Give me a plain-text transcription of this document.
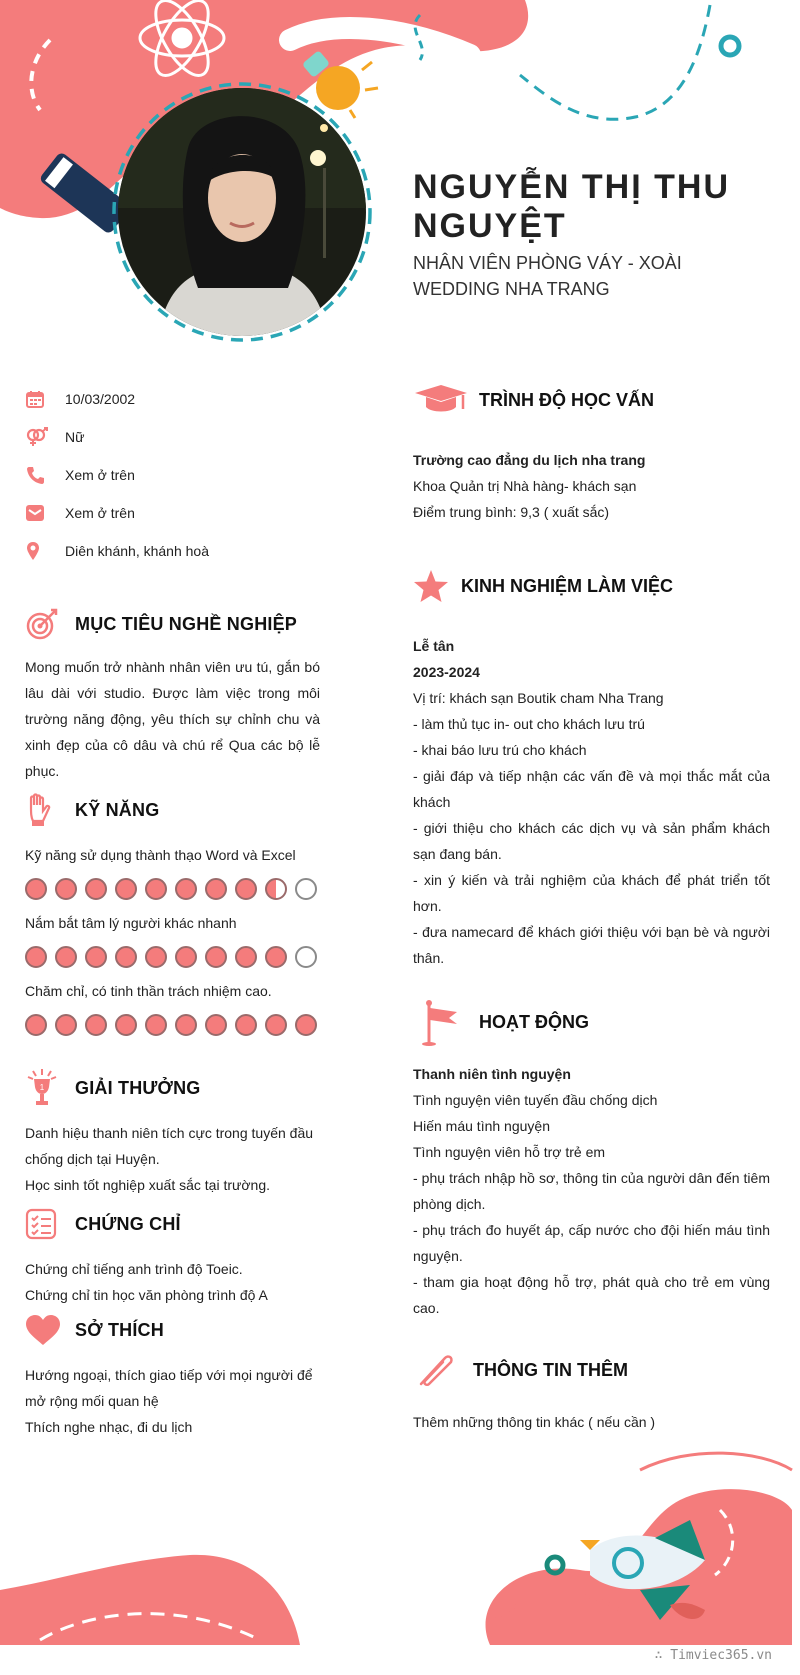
NGUYỄN THỊ THU NGUYỆT
NHÂN VIÊN PHÒNG VÁY - XOÀI WEDDING NHA TRANG
10/03/2002
Nữ
Xem ở trên
Xem ở trên
Diên khánh, khánh hoà
MỤC TIÊU NGHỀ NGHIỆP
Mong muốn trở nhành nhân viên ưu tú, gắn bó lâu dài với studio. Được làm việc trong môi trường năng động, yêu thích sự chỉnh chu và xinh đẹp của cô dâu và chú rể Qua các bộ lễ phục.
KỸ NĂNG
Kỹ năng sử dụng thành thạo Word và Excel
Nắm bắt tâm lý người khác nhanh
Chăm chỉ, có tinh thần trách nhiệm cao.
1 GIẢI THƯỞNG
Danh hiệu thanh niên tích cực trong tuyến đầu chống dịch tại Huyện.
Học sinh tốt nghiệp xuất sắc tại trường.
CHỨNG CHỈ
Chứng chỉ tiếng anh trình độ Toeic.
Chứng chỉ tin học văn phòng trình độ A
SỞ THÍCH
Hướng ngoại, thích giao tiếp với mọi người để mở rộng mối quan hệ
Thích nghe nhạc, đi du lịch
TRÌNH ĐỘ HỌC VẤN
Trường cao đẳng du lịch nha trang
Khoa Quản trị Nhà hàng- khách sạn
Điểm trung bình: 9,3 ( xuất sắc)
KINH NGHIỆM LÀM VIỆC
Lễ tân
2023-2024
Vị trí: khách sạn Boutik cham Nha Trang
- làm thủ tục in- out cho khách lưu trú
- khai báo lưu trú cho khách
- giải đáp và tiếp nhận các vấn đề và mọi thắc mắt của khách
- giới thiệu cho khách các dịch vụ và sản phẩm khách sạn đang bán.
- xin ý kiến và trải nghiệm của khách để phát triển tốt hơn.
- đưa namecard để khách giới thiệu với bạn bè và người thân.
HOẠT ĐỘNG
Thanh niên tình nguyện
Tình nguyện viên tuyến đầu chống dịch
Hiến máu tình nguyện
Tình nguyện viên hỗ trợ trẻ em
- phụ trách nhập hồ sơ, thông tin của người dân đến tiêm phòng dịch.
- phụ trách đo huyết áp, cấp nước cho đội hiến máu tình nguyện.
- tham gia hoạt động hỗ trợ, phát quà cho trẻ em vùng cao.
THÔNG TIN THÊM
Thêm những thông tin khác ( nếu cần )
∴ Timviec365.vn
